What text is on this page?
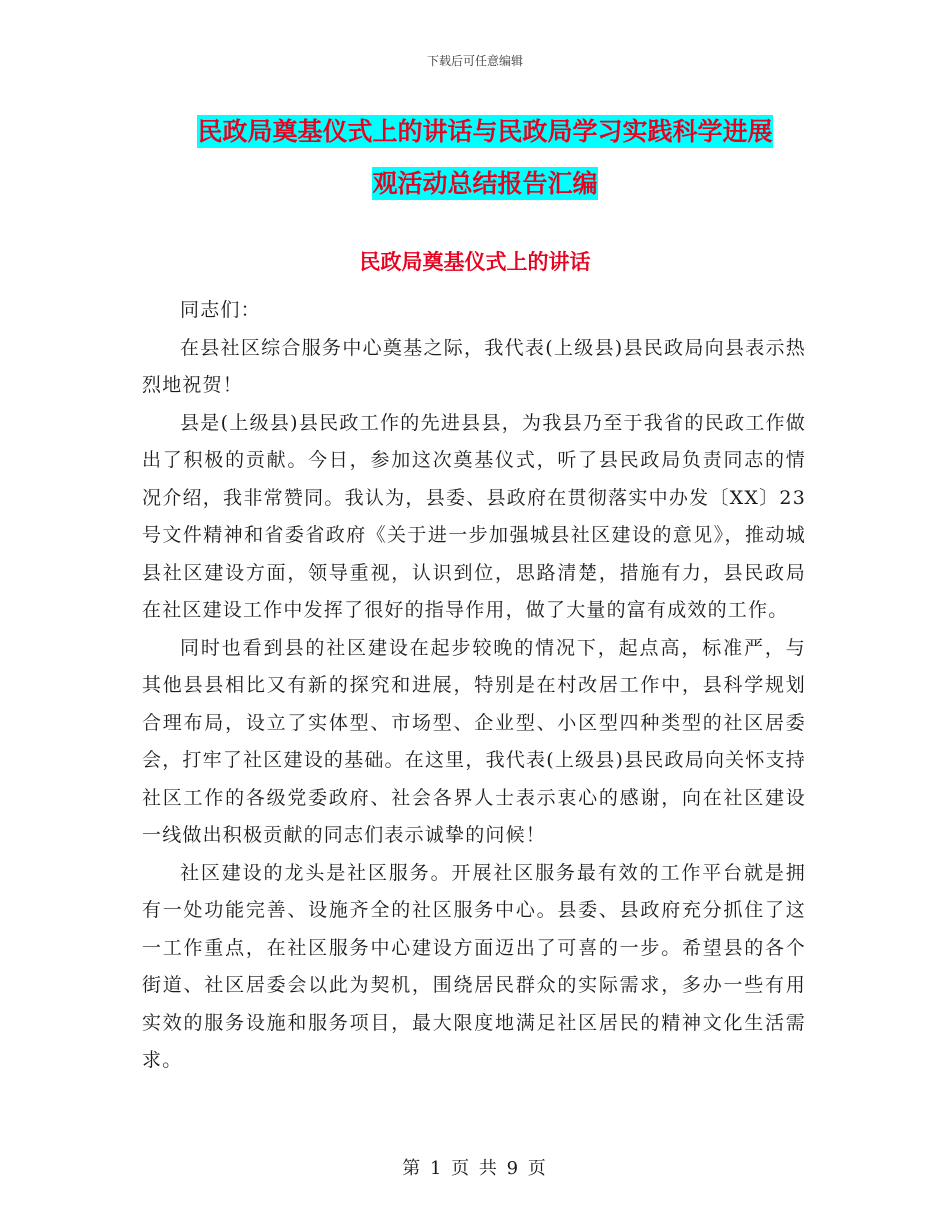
下载后可任意编辑
民政局奠基仪式上的讲话与民政局学习实践科学进展
观活动总结报告汇编
民政局奠基仪式上的讲话

同志们：

在县社区综合服务中心奠基之际，我代表(上级县)县民政局向县表示热烈地祝贺！

县是(上级县)县民政工作的先进县县，为我县乃至于我省的民政工作做出了积极的贡献。今日，参加这次奠基仪式，听了县民政局负责同志的情况介绍，我非常赞同。我认为，县委、县政府在贯彻落实中办发〔XX〕23号文件精神和省委省政府《关于进一步加强城县社区建设的意见》，推动城县社区建设方面，领导重视，认识到位，思路清楚，措施有力，县民政局在社区建设工作中发挥了很好的指导作用，做了大量的富有成效的工作。

同时也看到县的社区建设在起步较晚的情况下，起点高，标准严，与其他县县相比又有新的探究和进展，特别是在村改居工作中，县科学规划合理布局，设立了实体型、市场型、企业型、小区型四种类型的社区居委会，打牢了社区建设的基础。在这里，我代表(上级县)县民政局向关怀支持社区工作的各级党委政府、社会各界人士表示衷心的感谢，向在社区建设一线做出积极贡献的同志们表示诚挚的问候！

社区建设的龙头是社区服务。开展社区服务最有效的工作平台就是拥有一处功能完善、设施齐全的社区服务中心。县委、县政府充分抓住了这一工作重点，在社区服务中心建设方面迈出了可喜的一步。希望县的各个街道、社区居委会以此为契机，围绕居民群众的实际需求，多办一些有用实效的服务设施和服务项目，最大限度地满足社区居民的精神文化生活需求。

第 1 页 共 9 页
